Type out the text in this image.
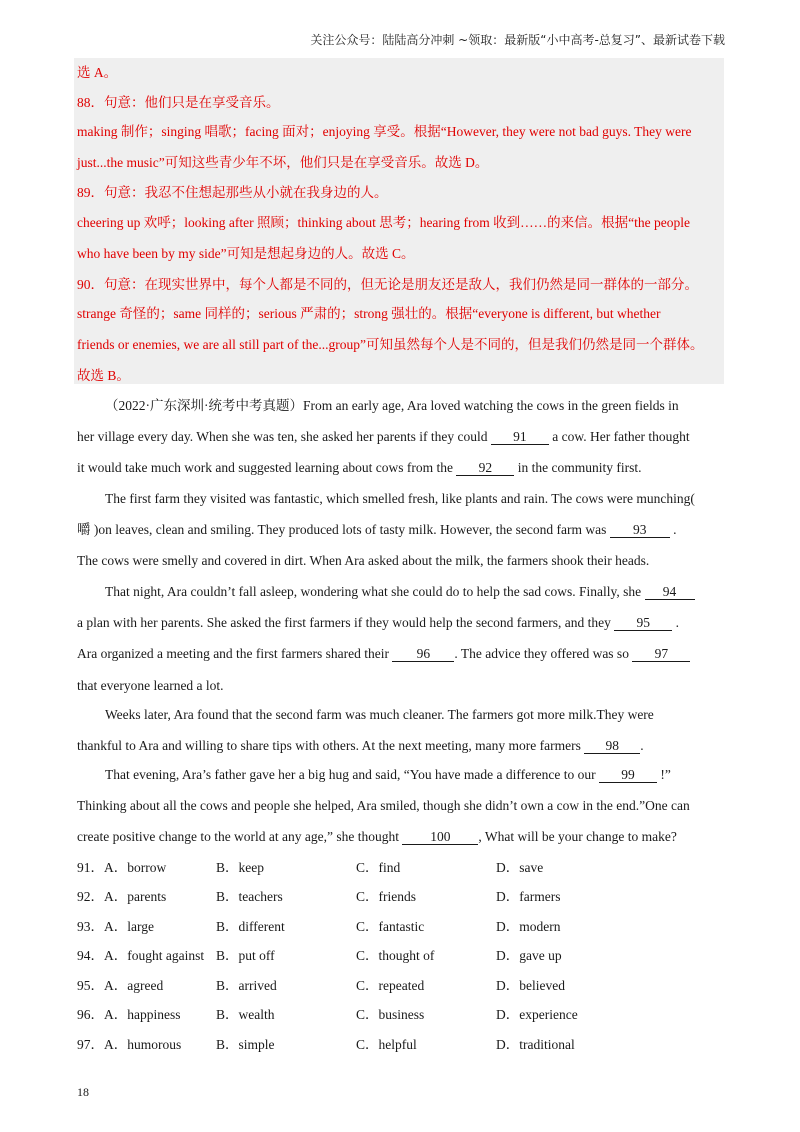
关注公众号：陆陆高分冲刺 ~领取：最新版“小中高考-总复习”、最新试卷下载
选 A。
88．句意：他们只是在享受音乐。
making 制作；singing 唱歌；facing 面对；enjoying 享受。根据“However, they were not bad guys. They were
just...the music”可知这些青少年不坏，他们只是在享受音乐。故选 D。
89．句意：我忍不住想起那些从小就在我身边的人。
cheering up 欢呼；looking after 照顾；thinking about 思考；hearing from 收到……的来信。根据“the people
who have been by my side”可知是想起身边的人。故选 C。
90．句意：在现实世界中，每个人都是不同的，但无论是朋友还是敌人，我们仍然是同一群体的一部分。
strange 奇怪的；same 同样的；serious 严肃的；strong 强壮的。根据“everyone is different, but whether
friends or enemies, we are all still part of the...group”可知虽然每个人是不同的，但是我们仍然是同一个群体。
故选 B。
（2022·广东深圳·统考中考真题）From an early age, Ara loved watching the cows in the green fields in
her village every day. When she was ten, she asked her parents if they could 91 a cow. Her father thought
it would take much work and suggested learning about cows from the 92 in the community first.
The first farm they visited was fantastic, which smelled fresh, like plants and rain. The cows were munching(
嚼 )on leaves, clean and smiling. They produced lots of tasty milk. However, the second farm was 93 .
The cows were smelly and covered in dirt. When Ara asked about the milk, the farmers shook their heads.
That night, Ara couldn’t fall asleep, wondering what she could do to help the sad cows. Finally, she 94
a plan with her parents. She asked the first farmers if they would help the second farmers, and they 95 .
Ara organized a meeting and the first farmers shared their 96 . The advice they offered was so 97
that everyone learned a lot.
Weeks later, Ara found that the second farm was much cleaner. The farmers got more milk.They were
thankful to Ara and willing to share tips with others. At the next meeting, many more farmers 98 .
That evening, Ara’s father gave her a big hug and said, “You have made a difference to our 99 !”
Thinking about all the cows and people she helped, Ara smiled, though she didn’t own a cow in the end.”One can
create positive change to the world at any age,” she thought 100 , What will be your change to make?
91． A．borrow	B．keep	C．find	D．save
92． A．parents	B．teachers	C．friends	D．farmers
93． A．large	B．different	C．fantastic	D．modern
94． A．fought against B．put off	C．thought of	D．gave up
95． A．agreed	B．arrived	C．repeated	D．believed
96． A．happiness	B．wealth	C．business	D．experience
97． A．humorous	B．simple	C．helpful	D．traditional
18
